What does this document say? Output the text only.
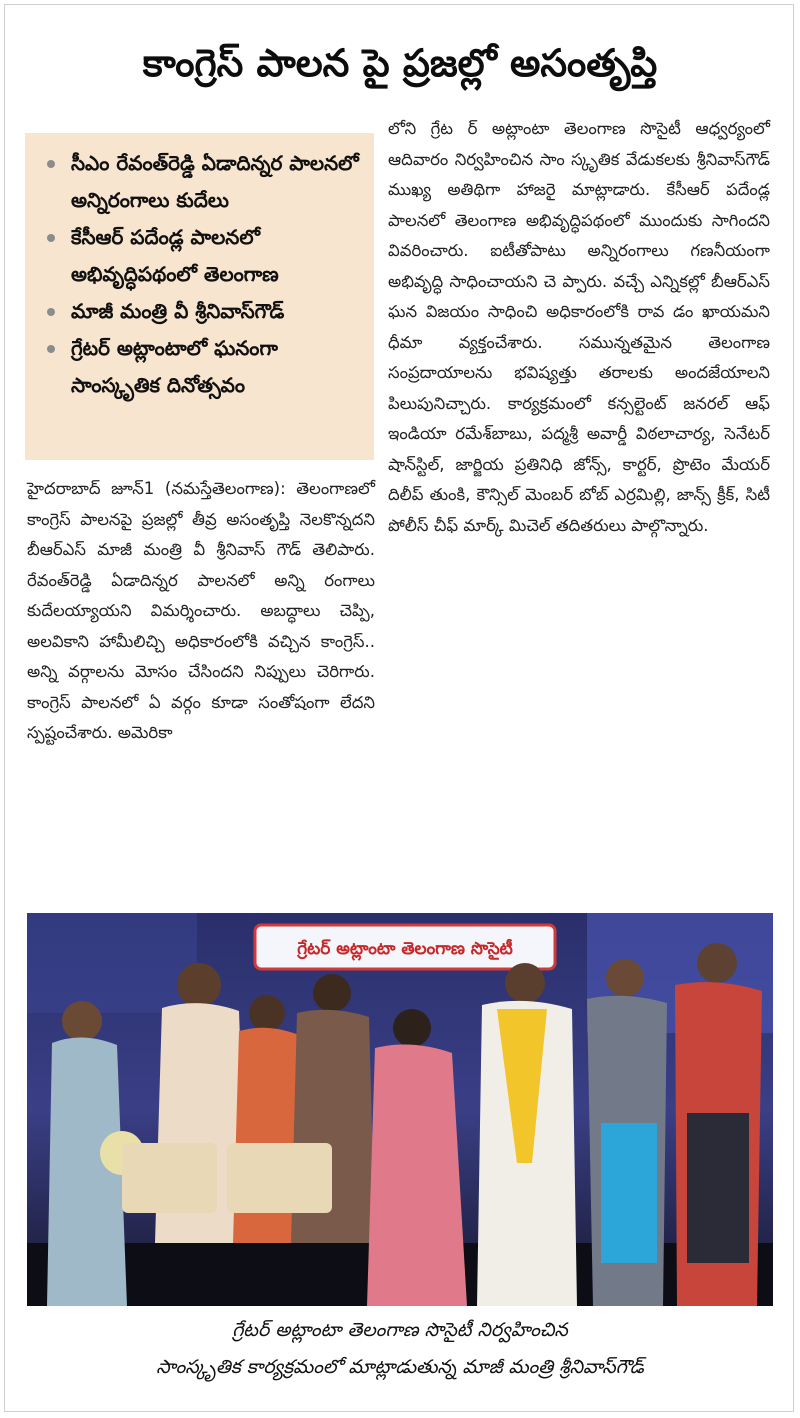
కాంగ్రెస్ పాలన పై ప్రజల్లో అసంతృప్తి
సీఎం రేవంత్‌రెడ్డి ఏడాదిన్నర పాలనలో అన్నిరంగాలు కుదేలు
కేసీఆర్ పదేండ్ల పాలనలో అభివృద్ధిపథంలో తెలంగాణ
మాజీ మంత్రి వీ శ్రీనివాస్‌గౌడ్
గ్రేటర్ అట్లాంటాలో ఘనంగా సాంస్కృతిక దినోత్సవం
హైదరాబాద్ జూన్1 (నమస్తేతెలంగాణ): తెలంగాణలో కాంగ్రెస్ పాలనపై ప్రజల్లో తీవ్ర అసంతృప్తి నెలకొన్నదని బీఆర్‌ఎస్ మాజీ మంత్రి వీ శ్రీనివాస్ గౌడ్ తెలిపారు. రేవంత్‌రెడ్డి ఏడాదిన్నర పాలనలో అన్ని రంగాలు కుదేలయ్యాయని విమర్శించారు. అబద్ధాలు చెప్పి, అలవికాని హామీలిచ్చి అధికారంలోకి వచ్చిన కాంగ్రెస్.. అన్ని వర్గాలను మోసం చేసిందని నిప్పులు చెరిగారు. కాంగ్రెస్ పాలనలో ఏ వర్గం కూడా సంతోషంగా లేదని స్పష్టంచేశారు. అమెరికా
లోని గ్రేట ర్ అట్లాంటా తెలంగాణ సొసైటీ ఆధ్వర్యంలో ఆదివారం నిర్వహించిన సాం స్కృతిక వేడుకలకు శ్రీనివాస్‌గౌడ్ ముఖ్య అతిథిగా హాజరై మాట్లాడారు. కేసీఆర్ పదేండ్ల పాలనలో తెలంగాణ అభివృద్ధిపథంలో ముందుకు సాగిందని వివరించారు. ఐటీతోపాటు అన్నిరంగాలు గణనీయంగా అభివృద్ధి సాధించాయని చె ప్పారు. వచ్చే ఎన్నికల్లో బీఆర్‌ఎస్ ఘన విజయం సాధించి అధికారంలోకి రావ డం ఖాయమని ధీమా వ్యక్తంచేశారు. సమున్నతమైన తెలంగాణ సంప్రదాయాలను భవిష్యత్తు తరాలకు అందజేయాలని పిలుపునిచ్చారు. కార్యక్రమంలో కన్సల్టెంట్ జనరల్ ఆఫ్ ఇండియా రమేశ్‌బాబు, పద్మశ్రీ అవార్డీ విఠలాచార్య, సెనేటర్ షాన్‌స్టిల్, జార్జియ ప్రతినిధి జోన్స్, కార్టర్, ప్రొటెం మేయర్ దిలీప్ తుంకి, కౌన్సిల్ మెంబర్ బోబ్ ఎర్రమిల్లి, జాన్స్ క్రీక్, సిటీ పోలీస్ చీఫ్ మార్క్ మిచెల్ తదితరులు పాల్గొన్నారు.
గ్రేటర్ అట్లాంటా తెలంగాణ సొసైటీ
గ్రేటర్ అట్లాంటా తెలంగాణ సొసైటీ నిర్వహించిన
సాంస్కృతిక కార్యక్రమంలో మాట్లాడుతున్న మాజీ మంత్రి శ్రీనివాస్‌గౌడ్
